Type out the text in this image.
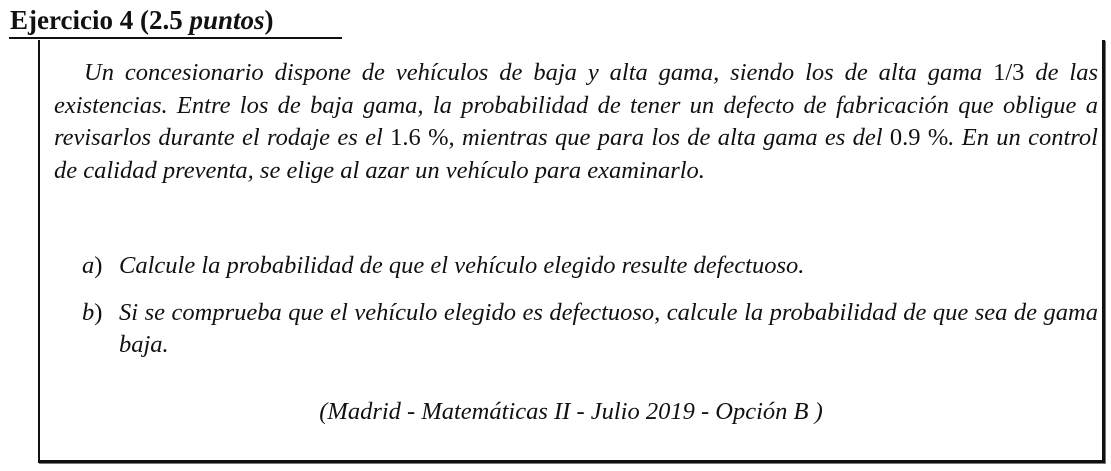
Ejercicio 4 (2.5 puntos)
Un concesionario dispone de vehículos de baja y alta gama, siendo los de alta gama 1/3 de las existencias. Entre los de baja gama, la probabilidad de tener un defecto de fabricación que obligue a revisarlos durante el rodaje es el 1.6 %, mientras que para los de alta gama es del 0.9 %. En un control de calidad preventa, se elige al azar un vehículo para examinarlo.
a) Calcule la probabilidad de que el vehículo elegido resulte defectuoso.
b) Si se comprueba que el vehículo elegido es defectuoso, calcule la probabilidad de que sea de gama baja.
(Madrid - Matemáticas II - Julio 2019 - Opción B )
